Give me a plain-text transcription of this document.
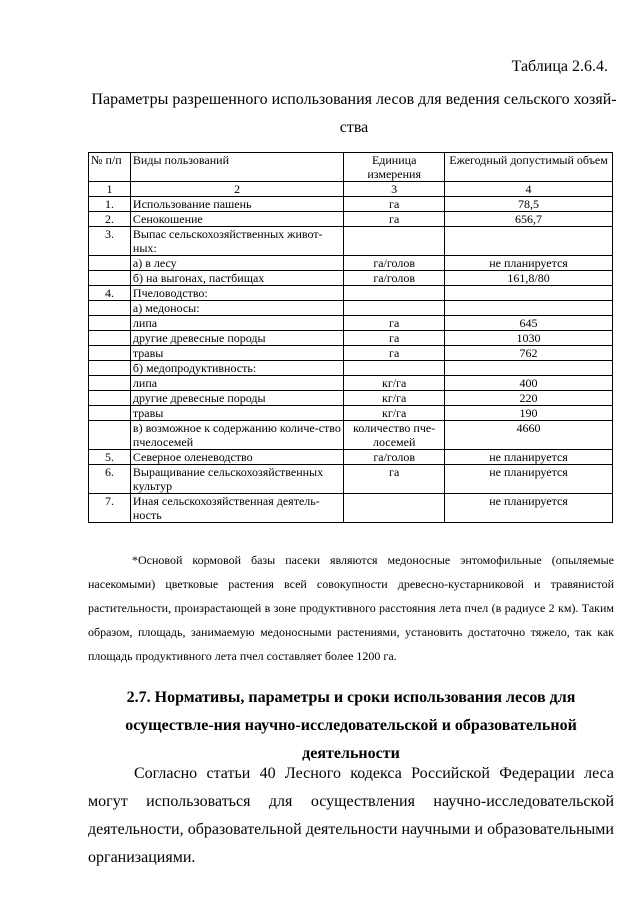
Таблица 2.6.4.
Параметры разрешенного использования лесов для ведения сельского хозяй-ства
№ п/п	Виды пользований	Единица измерения	Ежегодный допустимый объем
1	2	3	4
1.	Использование пашень	га	78,5
2.	Сенокошение	га	656,7
3.	Выпас сельскохозяйственных живот-ных:		
	а) в лесу	га/голов	не планируется
	б) на выгонах, пастбищах	га/голов	161,8/80
4.	Пчеловодство:		
	а) медоносы:		
	липа	га	645
	другие древесные породы	га	1030
	травы	га	762
	б) медопродуктивность:		
	липа	кг/га	400
	другие древесные породы	кг/га	220
	травы	кг/га	190
	в) возможное к содержанию количе-ство пчелосемей	количество пче-лосемей	4660
5.	Северное оленеводство	га/голов	не планируется
6.	Выращивание сельскохозяйственных культур	га	не планируется
7.	Иная сельскохозяйственная деятель-ность		не планируется
*Основой кормовой базы пасеки являются медоносные энтомофильные (опыляемые насекомыми) цветковые растения всей совокупности древесно-кустарниковой и травянистой растительности, произрастающей в зоне продуктивного расстояния лета пчел (в радиусе 2 км). Таким образом, площадь, занимаемую медоносными растениями, установить достаточно тяжело, так как площадь продуктивного лета пчел составляет более 1200 га.
2.7. Нормативы, параметры и сроки использования лесов для осуществле-ния научно-исследовательской и образовательной деятельности
Согласно статьи 40 Лесного кодекса Российской Федерации леса могут использоваться для осуществления научно-исследовательской деятельности, образовательной деятельности научными и образовательными организациями.
